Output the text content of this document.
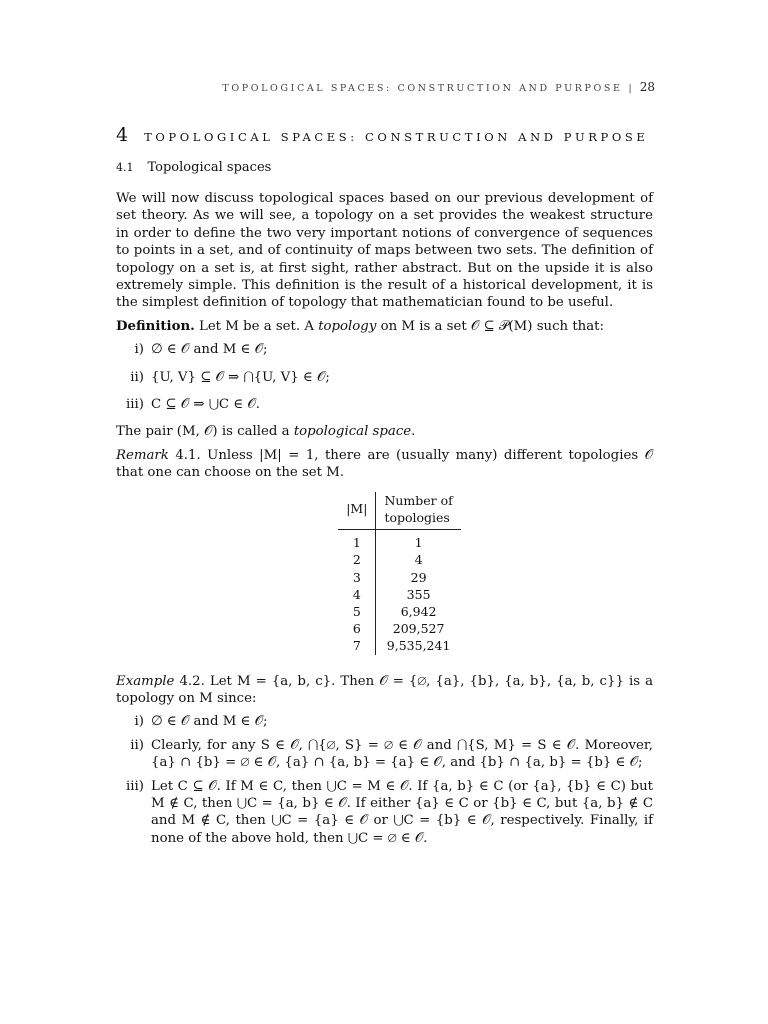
TOPOLOGICAL SPACES: CONSTRUCTION AND PURPOSE | 28
4 TOPOLOGICAL SPACES: CONSTRUCTION AND PURPOSE
4.1 Topological spaces

We will now discuss topological spaces based on our previous development of set theory. As we will see, a topology on a set provides the weakest structure in order to define the two very important notions of convergence of sequences to points in a set, and of continuity of maps between two sets. The definition of topology on a set is, at first sight, rather abstract. But on the upside it is also extremely simple. This definition is the result of a historical development, it is the simplest definition of topology that mathematician found to be useful.

Definition. Let M be a set. A topology on M is a set 𝒪 ⊆ 𝒫(M) such that:

i) ∅ ∈ 𝒪 and M ∈ 𝒪;
ii) {U, V} ⊆ 𝒪 ⇒ ⋂{U, V} ∈ 𝒪;
iii) C ⊆ 𝒪 ⇒ ⋃C ∈ 𝒪.

The pair (M, 𝒪) is called a topological space.

Remark 4.1. Unless |M| = 1, there are (usually many) different topologies 𝒪 that one can choose on the set M.

|M|	Number of
topologies

1	1
2	4
3	29
4	355
5	6,942
6	209,527
7	9,535,241

Example 4.2. Let M = {a, b, c}. Then 𝒪 = {∅, {a}, {b}, {a, b}, {a, b, c}} is a topology on M since:

i) ∅ ∈ 𝒪 and M ∈ 𝒪;
ii) Clearly, for any S ∈ 𝒪, ⋂{∅, S} = ∅ ∈ 𝒪 and ⋂{S, M} = S ∈ 𝒪. Moreover, {a} ∩ {b} = ∅ ∈ 𝒪, {a} ∩ {a, b} = {a} ∈ 𝒪, and {b} ∩ {a, b} = {b} ∈ 𝒪;
iii) Let C ⊆ 𝒪. If M ∈ C, then ⋃C = M ∈ 𝒪. If {a, b} ∈ C (or {a}, {b} ∈ C) but M ∉ C, then ⋃C = {a, b} ∈ 𝒪. If either {a} ∈ C or {b} ∈ C, but {a, b} ∉ C and M ∉ C, then ⋃C = {a} ∈ 𝒪 or ⋃C = {b} ∈ 𝒪, respectively. Finally, if none of the above hold, then ⋃C = ∅ ∈ 𝒪.
